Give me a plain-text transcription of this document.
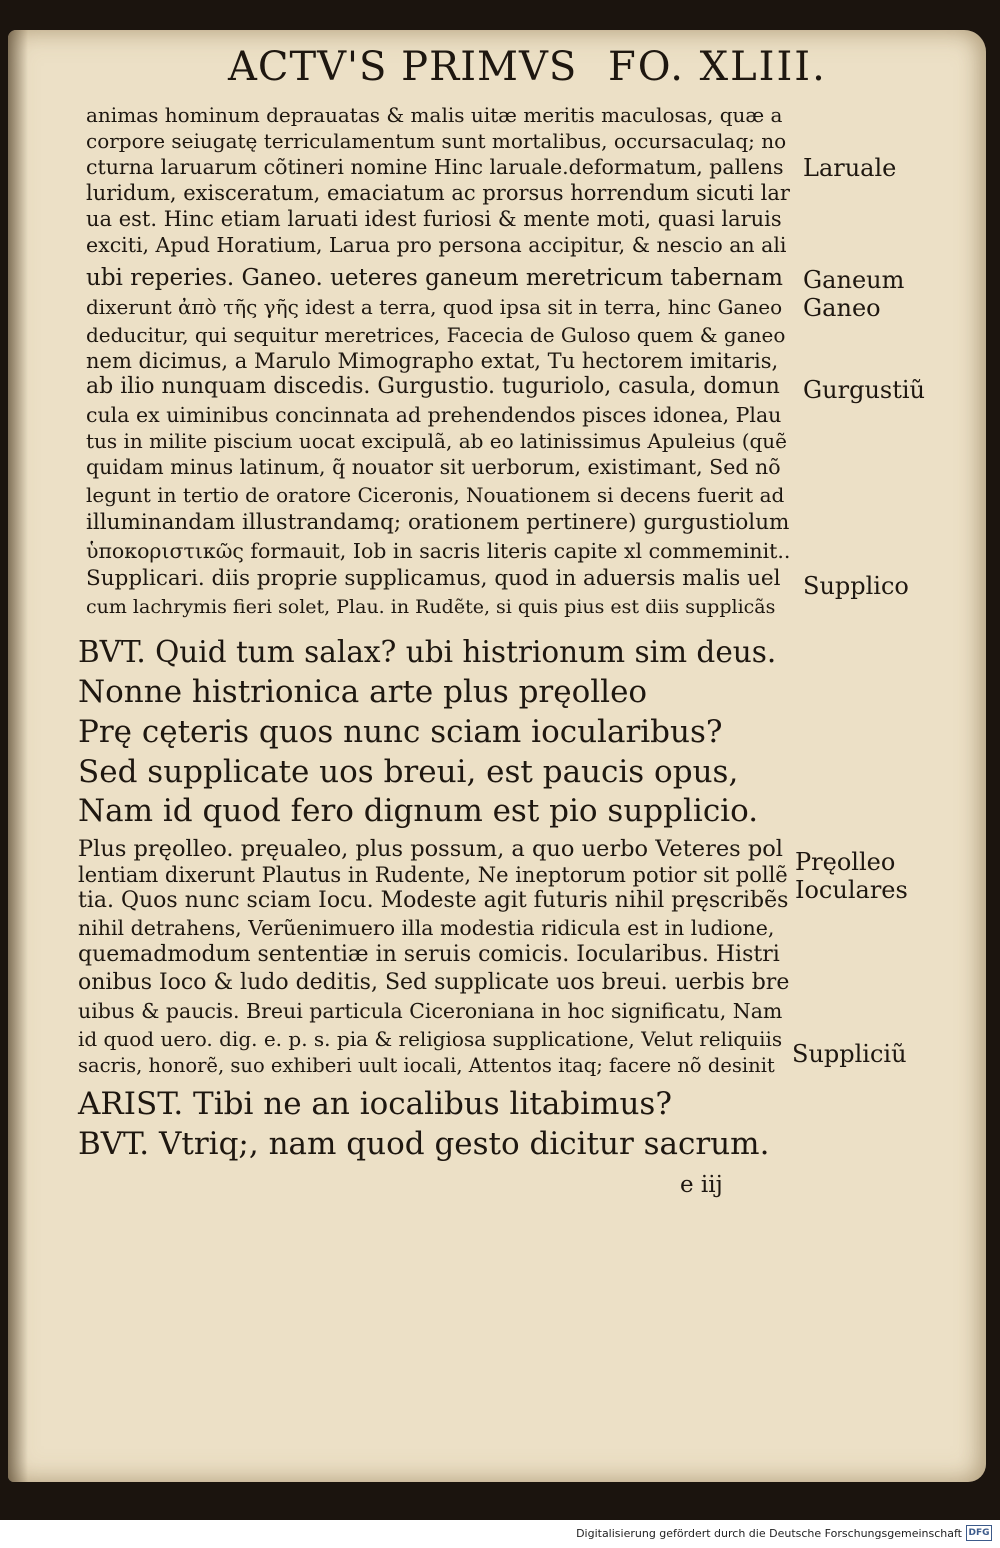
ACTV'S PRIMVS FO. XLIII.
animas hominum deprauatas & malis uitæ meritis maculosas, quæ a
corpore seiugatę terriculamentum sunt mortalibus, occursaculaq; no
cturna laruarum cõtineri nomine Hinc laruale.deformatum, pallens
luridum, exisceratum, emaciatum ac prorsus horrendum sicuti lar
ua est. Hinc etiam laruati idest furiosi & mente moti, quasi laruis
exciti, Apud Horatium, Larua pro persona accipitur, & nescio an ali
ubi reperies. Ganeo. ueteres ganeum meretricum tabernam
dixerunt ἀπὸ τῆς γῆς idest a terra, quod ipsa sit in terra, hinc Ganeo
deducitur, qui sequitur meretrices, Facecia de Guloso quem & ganeo
nem dicimus, a Marulo Mimographo extat, Tu hectorem imitaris,
ab ilio nunquam discedis. Gurgustio. tuguriolo, casula, domun
cula ex uiminibus concinnata ad prehendendos pisces idonea, Plau
tus in milite piscium uocat excipulã, ab eo latinissimus Apuleius (quẽ
quidam minus latinum, q̃ nouator sit uerborum, existimant, Sed nõ
legunt in tertio de oratore Ciceronis, Nouationem si decens fuerit ad
illuminandam illustrandamq; orationem pertinere) gurgustiolum
ὑποκοριστικῶς formauit, Iob in sacris literis capite xl commeminit..
Supplicari. diis proprie supplicamus, quod in aduersis malis uel
cum lachrymis fieri solet, Plau. in Rudẽte, si quis pius est diis supplicãs
BVT. Quid tum salax? ubi histrionum sim deus.
Nonne histrionica arte plus pręolleo
Prę cęteris quos nunc sciam iocularibus?
Sed supplicate uos breui, est paucis opus,
Nam id quod fero dignum est pio supplicio.
Plus pręolleo. pręualeo, plus possum, a quo uerbo Veteres pol
lentiam dixerunt Plautus in Rudente, Ne ineptorum potior sit pollẽ
tia. Quos nunc sciam Iocu. Modeste agit futuris nihil pręscribẽs
nihil detrahens, Verũenimuero illa modestia ridicula est in ludione,
quemadmodum sententiæ in seruis comicis. Iocularibus. Histri
onibus Ioco & ludo deditis, Sed supplicate uos breui. uerbis bre
uibus & paucis. Breui particula Ciceroniana in hoc significatu, Nam
id quod uero. dig. e. p. s. pia & religiosa supplicatione, Velut reliquiis
sacris, honorẽ, suo exhiberi uult iocali, Attentos itaq; facere nõ desinit
ARIST. Tibi ne an iocalibus litabimus?
BVT. Vtriq;, nam quod gesto dicitur sacrum.
Laruale
Ganeum
Ganeo
Gurgustiũ
Supplico
Pręolleo
Ioculares
Suppliciũ
e iij
Digitalisierung gefördert durch die Deutsche Forschungsgemeinschaft DFG
